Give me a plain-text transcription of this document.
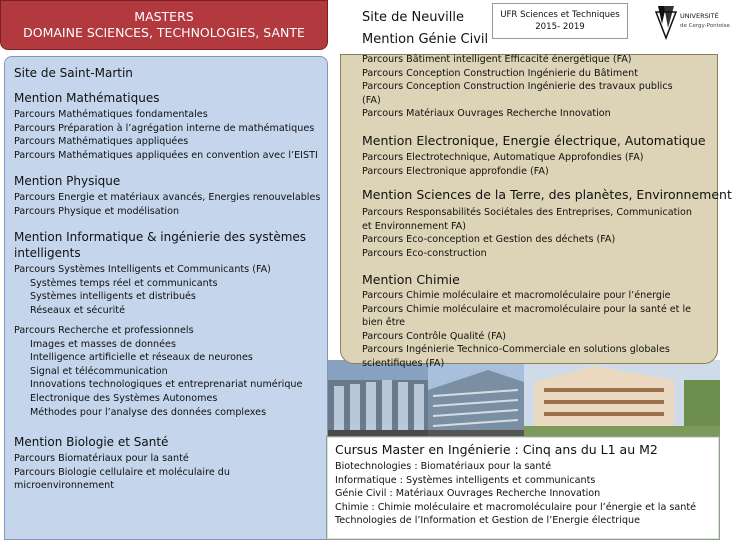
MASTERS
DOMAINE SCIENCES, TECHNOLOGIES, SANTE
Site de Saint-Martin
Mention Mathématiques
Parcours Mathématiques fondamentales
Parcours Préparation à l’agrégation interne de mathématiques
Parcours Mathématiques appliquées
Parcours Mathématiques appliquées en convention avec l’EISTI
Mention Physique
Parcours Energie et matériaux avancés, Energies renouvelables
Parcours Physique et modélisation
Mention Informatique & ingénierie des systèmes
intelligents
Parcours Systèmes Intelligents et Communicants (FA)
Systèmes temps réel et communicants
Systèmes intelligents et distribués
Réseaux et sécurité
Parcours Recherche et professionnels
Images et masses de données
Intelligence artificielle et réseaux de neurones
Signal et télécommunication
Innovations technologiques et entreprenariat numérique
Electronique des Systèmes Autonomes
Méthodes pour l’analyse des données complexes
Mention Biologie et Santé
Parcours Biomatériaux pour la santé
Parcours Biologie cellulaire et moléculaire du
microenvironnement
Site de Neuville
Mention Génie Civil
UFR Sciences et Techniques
2015- 2019
UNIVERSITÉ
de Cergy-Pontoise
Parcours Bâtiment intelligent Efficacité énergétique (FA)
Parcours Conception Construction Ingénierie du Bâtiment
Parcours Conception Construction Ingénierie des travaux publics
(FA)
Parcours Matériaux Ouvrages Recherche Innovation
Mention Electronique, Energie électrique, Automatique
Parcours Electrotechnique, Automatique Approfondies (FA)
Parcours Electronique approfondie (FA)
Mention Sciences de la Terre, des planètes, Environnement
Parcours Responsabilités Sociétales des Entreprises, Communication
et Environnement FA)
Parcours Eco-conception et Gestion des déchets (FA)
Parcours Eco-construction
Mention Chimie
Parcours Chimie moléculaire et macromoléculaire pour l’énergie
Parcours Chimie moléculaire et macromoléculaire pour la santé et le
bien être
Parcours Contrôle Qualité (FA)
Parcours Ingénierie Technico-Commerciale en solutions globales
scientifiques (FA)
Cursus Master en Ingénierie : Cinq ans du L1 au M2
Biotechnologies : Biomatériaux pour la santé
Informatique : Systèmes intelligents et communicants
Génie Civil : Matériaux Ouvrages Recherche Innovation
Chimie : Chimie moléculaire et macromoléculaire pour l’énergie et la santé
Technologies de l’Information et Gestion de l’Energie électrique
